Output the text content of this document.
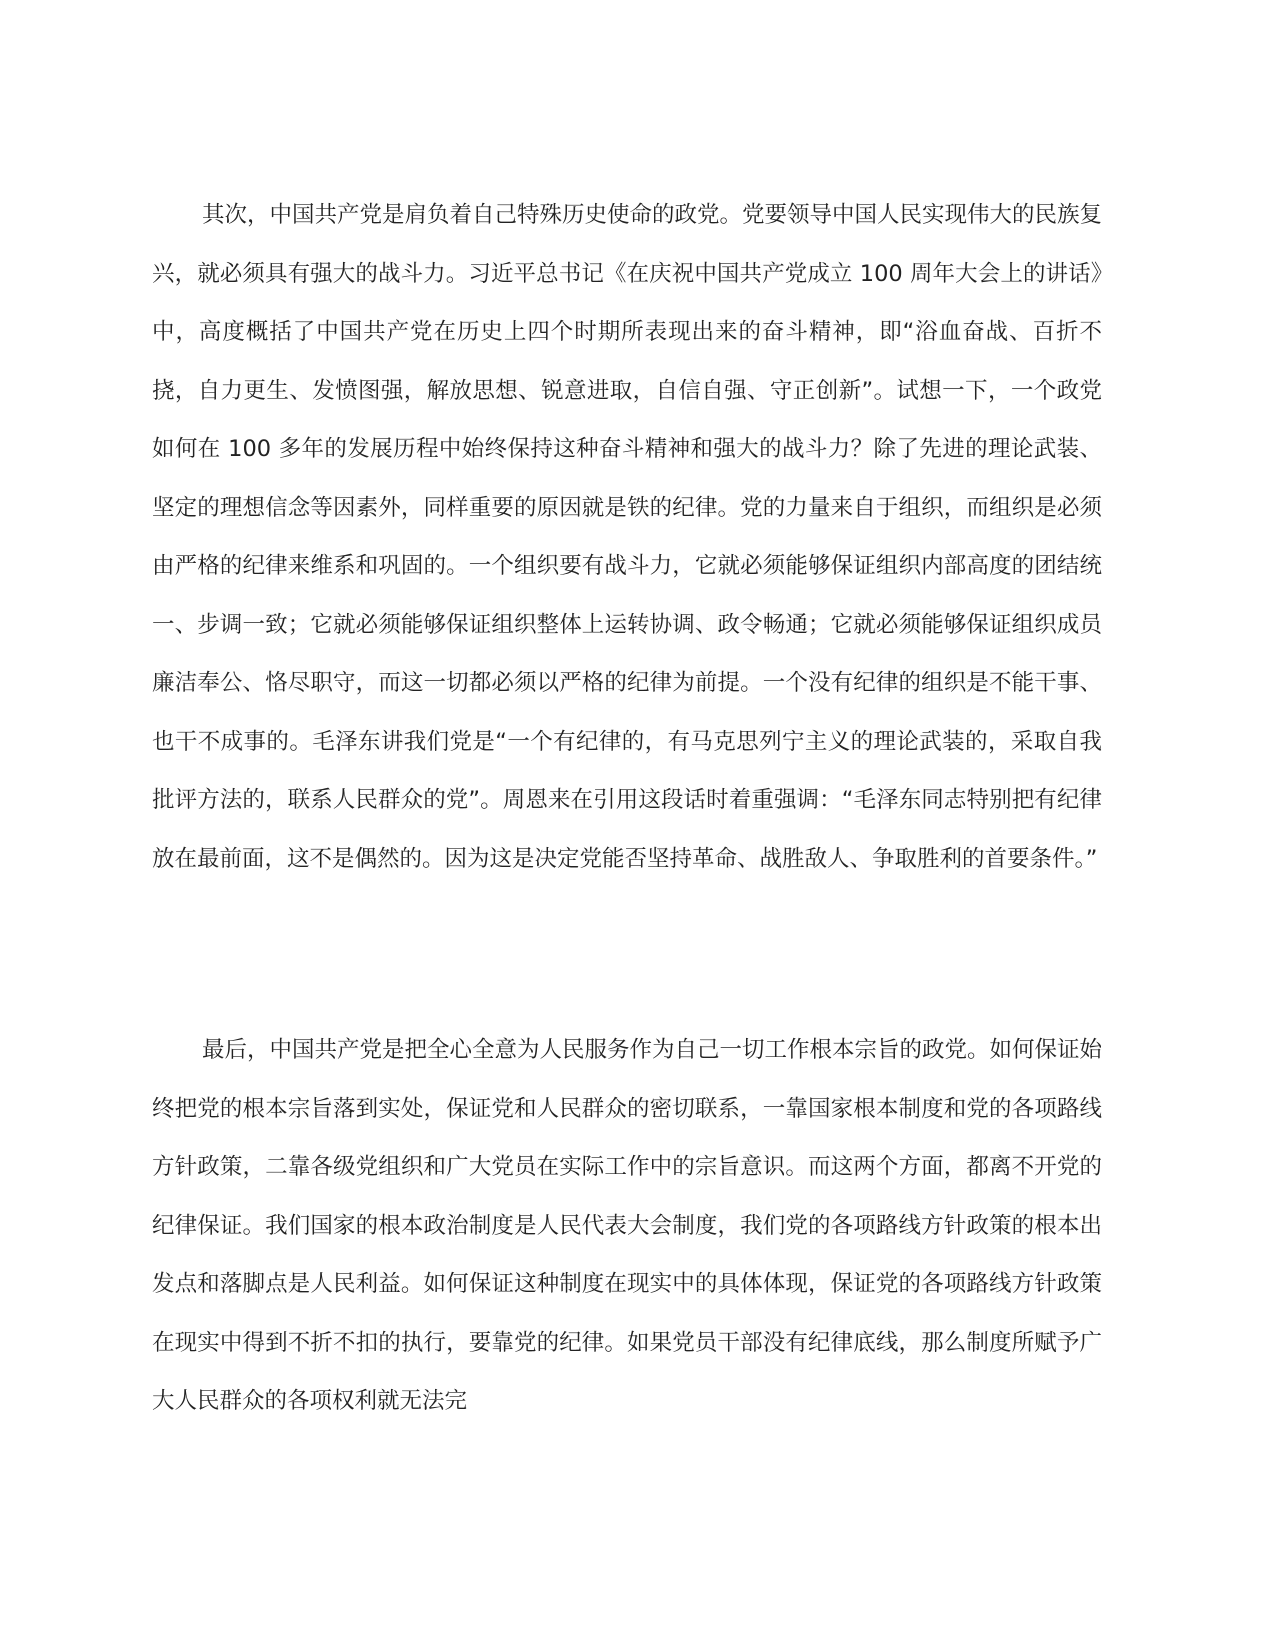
其次，中国共产党是肩负着自己特殊历史使命的政党。党要领导中国人民实现伟大的民族复兴，就必须具有强大的战斗力。习近平总书记《在庆祝中国共产党成立 100 周年大会上的讲话》中，高度概括了中国共产党在历史上四个时期所表现出来的奋斗精神，即“浴血奋战、百折不挠，自力更生、发愤图强，解放思想、锐意进取，自信自强、守正创新”。试想一下，一个政党如何在 100 多年的发展历程中始终保持这种奋斗精神和强大的战斗力？除了先进的理论武装、坚定的理想信念等因素外，同样重要的原因就是铁的纪律。党的力量来自于组织，而组织是必须由严格的纪律来维系和巩固的。一个组织要有战斗力，它就必须能够保证组织内部高度的团结统一、步调一致；它就必须能够保证组织整体上运转协调、政令畅通；它就必须能够保证组织成员廉洁奉公、恪尽职守，而这一切都必须以严格的纪律为前提。一个没有纪律的组织是不能干事、也干不成事的。毛泽东讲我们党是“一个有纪律的，有马克思列宁主义的理论武装的，采取自我批评方法的，联系人民群众的党”。周恩来在引用这段话时着重强调：“毛泽东同志特别把有纪律放在最前面，这不是偶然的。因为这是决定党能否坚持革命、战胜敌人、争取胜利的首要条件。”

最后，中国共产党是把全心全意为人民服务作为自己一切工作根本宗旨的政党。如何保证始终把党的根本宗旨落到实处，保证党和人民群众的密切联系，一靠国家根本制度和党的各项路线方针政策，二靠各级党组织和广大党员在实际工作中的宗旨意识。而这两个方面，都离不开党的纪律保证。我们国家的根本政治制度是人民代表大会制度，我们党的各项路线方针政策的根本出发点和落脚点是人民利益。如何保证这种制度在现实中的具体体现，保证党的各项路线方针政策在现实中得到不折不扣的执行，要靠党的纪律。如果党员干部没有纪律底线，那么制度所赋予广大人民群众的各项权利就无法完
